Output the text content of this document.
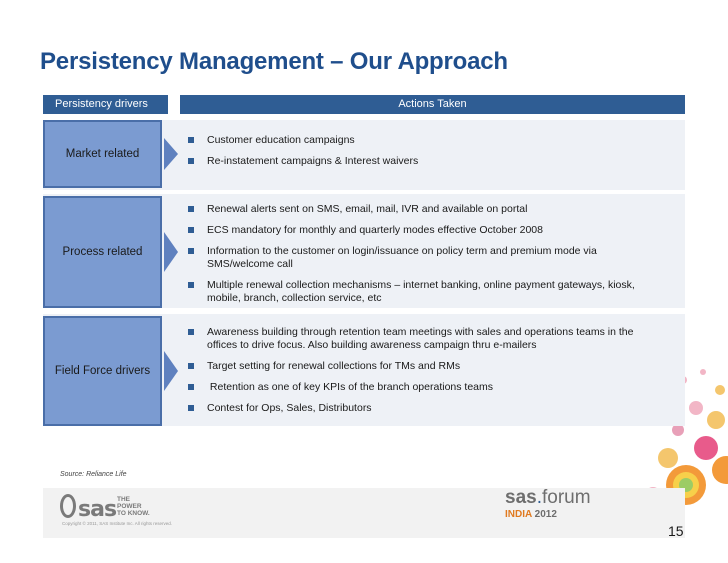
Persistency Management – Our Approach
Persistency drivers	Actions Taken
Market related
Customer education campaigns
Re-instatement campaigns & Interest waivers
Process related
Renewal alerts sent on SMS, email, mail, IVR and available on portal
ECS mandatory for monthly and quarterly modes effective October 2008
Information to the customer on login/issuance on policy term and premium mode via SMS/welcome call
Multiple renewal collection mechanisms – internet banking, online payment gateways, kiosk, mobile, branch, collection service, etc
Field Force drivers
Awareness building through retention team meetings with sales and operations teams in the offices to drive focus. Also building awareness campaign thru e-mailers
Target setting for renewal collections for TMs and RMs
Retention as one of key KPIs of the branch operations teams
Contest for Ops, Sales, Distributors
Source: Reliance Life
sas THE
POWER
TO KNOW.
Copyright © 2011, SAS Institute Inc. All rights reserved.
sas.forum
INDIA 2012
15
